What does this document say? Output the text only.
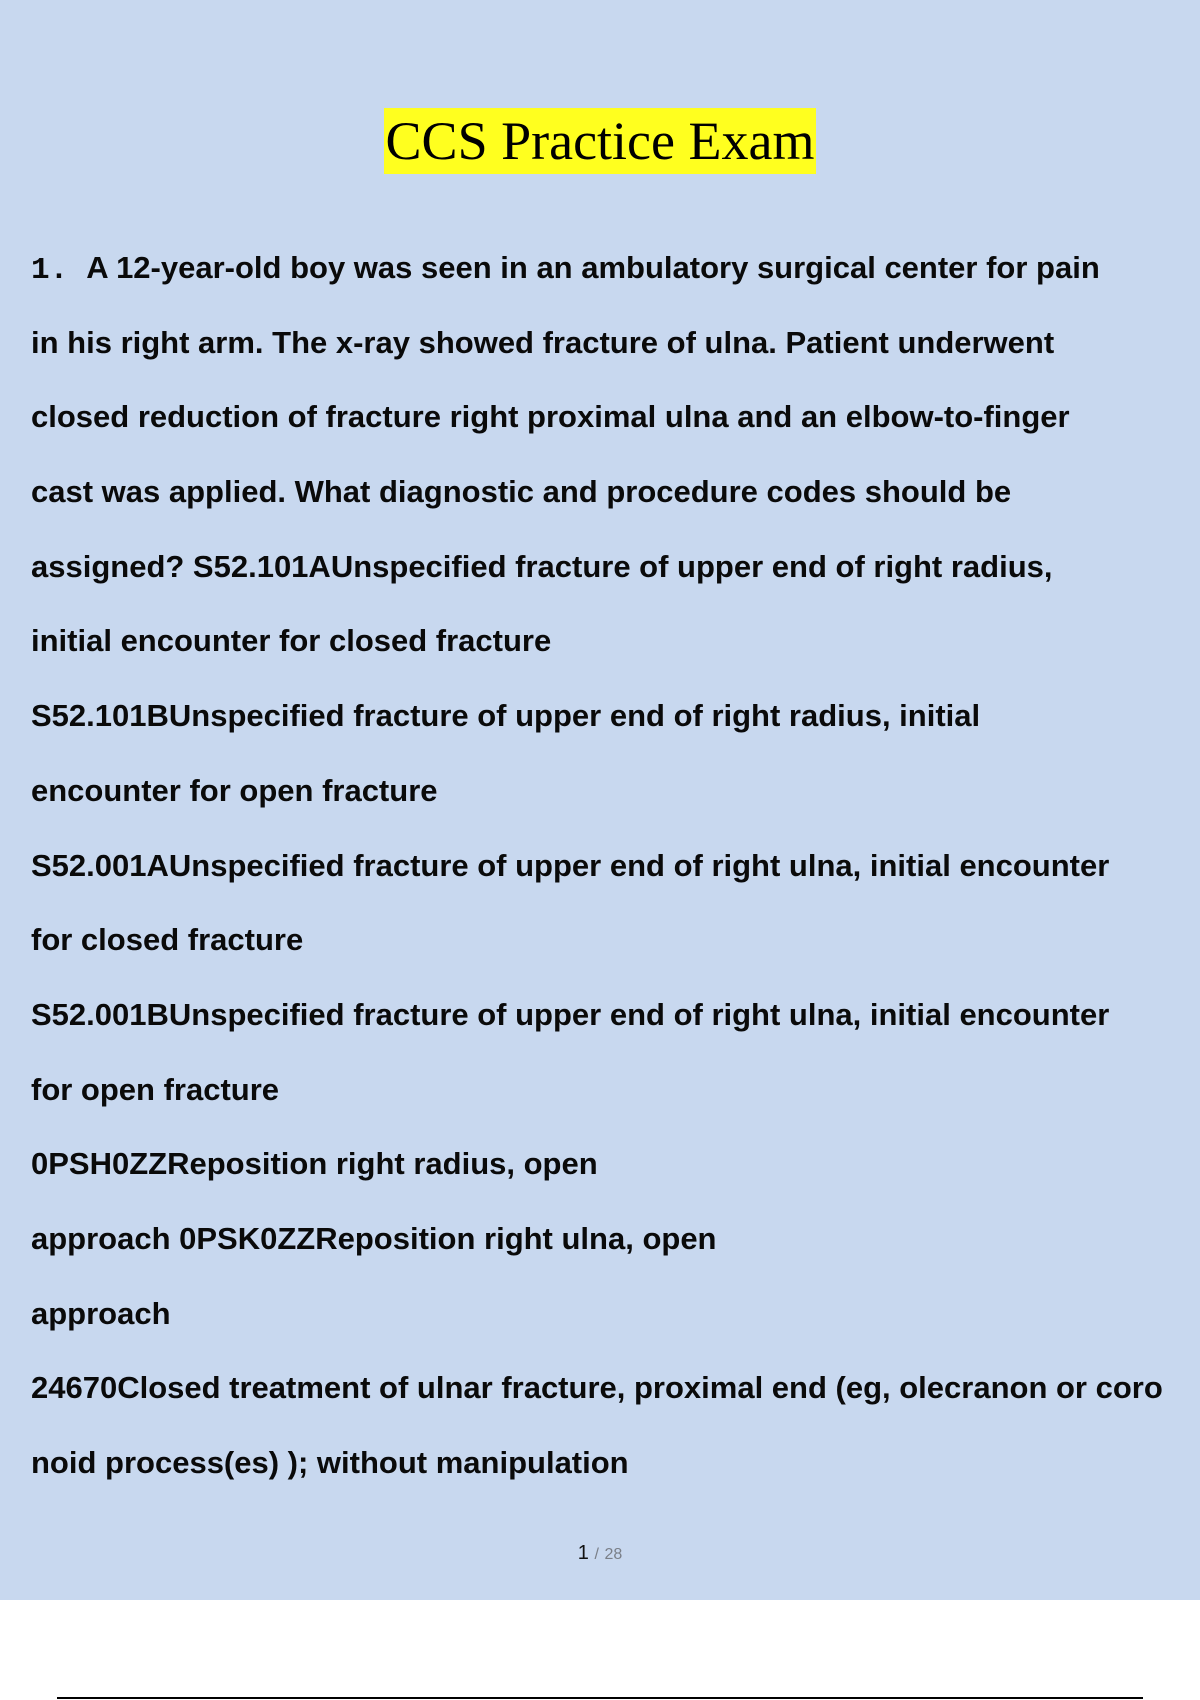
CCS Practice Exam
1. A 12-year-old boy was seen in an ambulatory surgical center for pain
in his right arm. The x-ray showed fracture of ulna. Patient underwent
closed reduction of fracture right proximal ulna and an elbow-to-finger
cast was applied. What diagnostic and procedure codes should be
assigned? S52.101AUnspecified fracture of upper end of right radius,
initial encounter for closed fracture
S52.101BUnspecified fracture of upper end of right radius, initial
encounter for open fracture
S52.001AUnspecified fracture of upper end of right ulna, initial encounter
for closed fracture
S52.001BUnspecified fracture of upper end of right ulna, initial encounter
for open fracture
0PSH0ZZReposition right radius, open
approach 0PSK0ZZReposition right ulna, open
approach
24670Closed treatment of ulnar fracture, proximal end (eg, olecranon or coro
noid process(es) ); without manipulation
1 / 28
